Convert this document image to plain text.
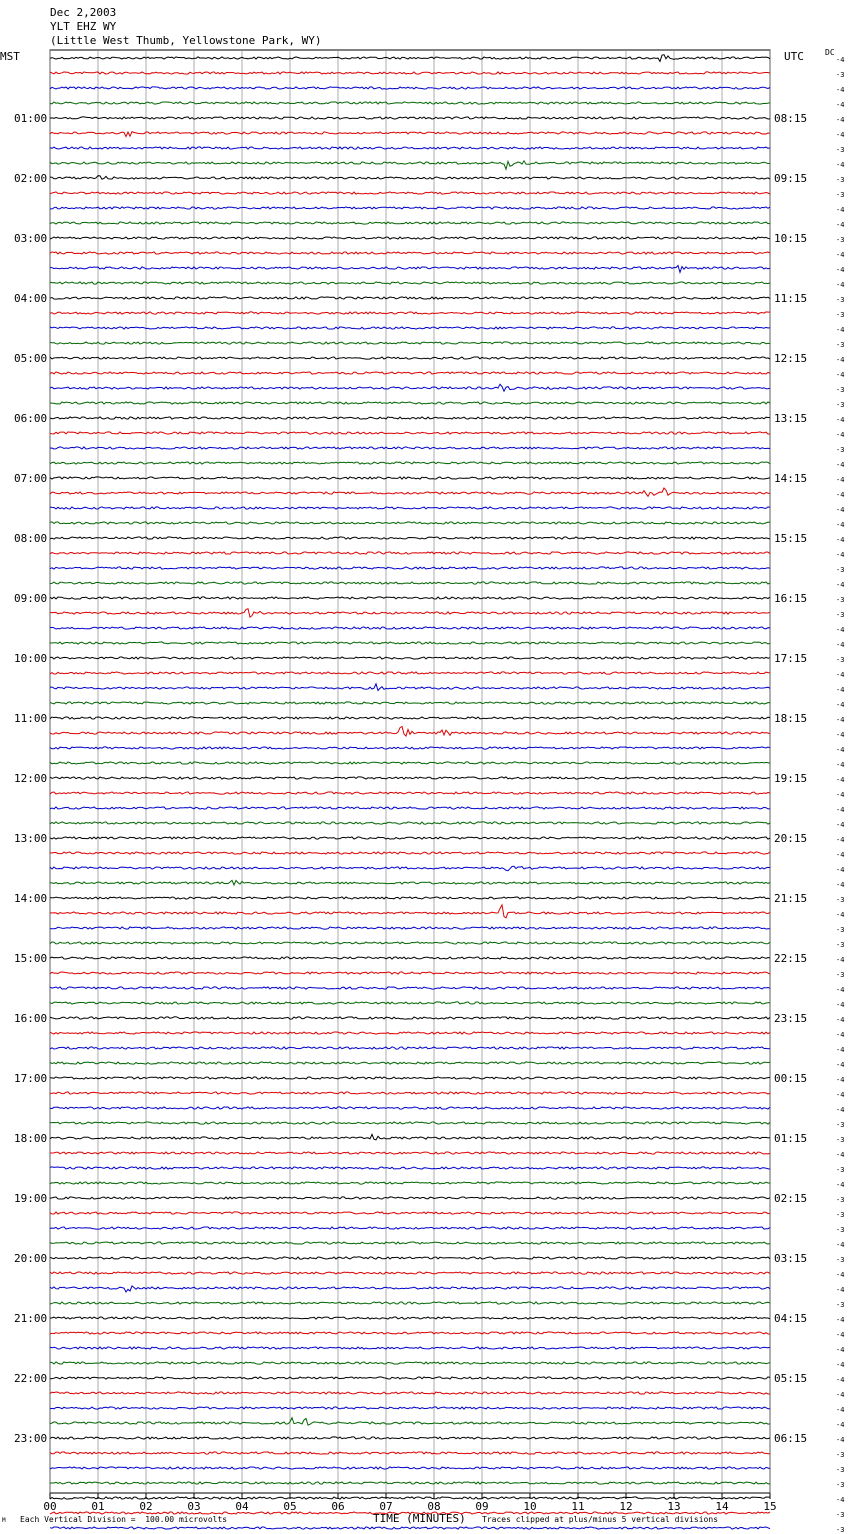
Dec 2,2003
YLT EHZ WY
(Little West Thumb, Yellowstone Park, WY)
MST	UTC	DC
00	01	02	03	04	05	06	07	08	09	10	11	12	13	14	15
-4
-3
-4
-4
-4
-4
-3
-4
-3
-3
-4
-4
-3
-4
-4
-4
-3
-3
-4
-3
-4
-4
-3
-3
-4
-4
-3
-4
-4
-4
-4
-4
-4
-4
-3
-4
-3
-3
-4
-4
-3
-4
-4
-4
-4
-4
-4
-4
-4
-4
-4
-4
-4
-4
-4
-4
-3
-4
-3
-3
-4
-3
-4
-4
-4
-4
-4
-4
-4
-4
-4
-3
-3
-4
-3
-4
-3
-3
-3
-4
-3
-4
-4
-3
-4
-4
-4
-4
-4
-4
-4
-4
-4
-3
-3
-3
-4
-3
-3
01:00	08:15
02:00	09:15
03:00	10:15
04:00	11:15
05:00	12:15
06:00	13:15
07:00	14:15
08:00	15:15
09:00	16:15
10:00	17:15
11:00	18:15
12:00	19:15
13:00	20:15
14:00	21:15
15:00	22:15
16:00	23:15
17:00	00:15
18:00	01:15
19:00	02:15
20:00	03:15
21:00	04:15
22:00	05:15
23:00	06:15
M Each Vertical Division =  100.00 microvolts	TIME (MINUTES) Traces clipped at plus/minus 5 vertical divisions
